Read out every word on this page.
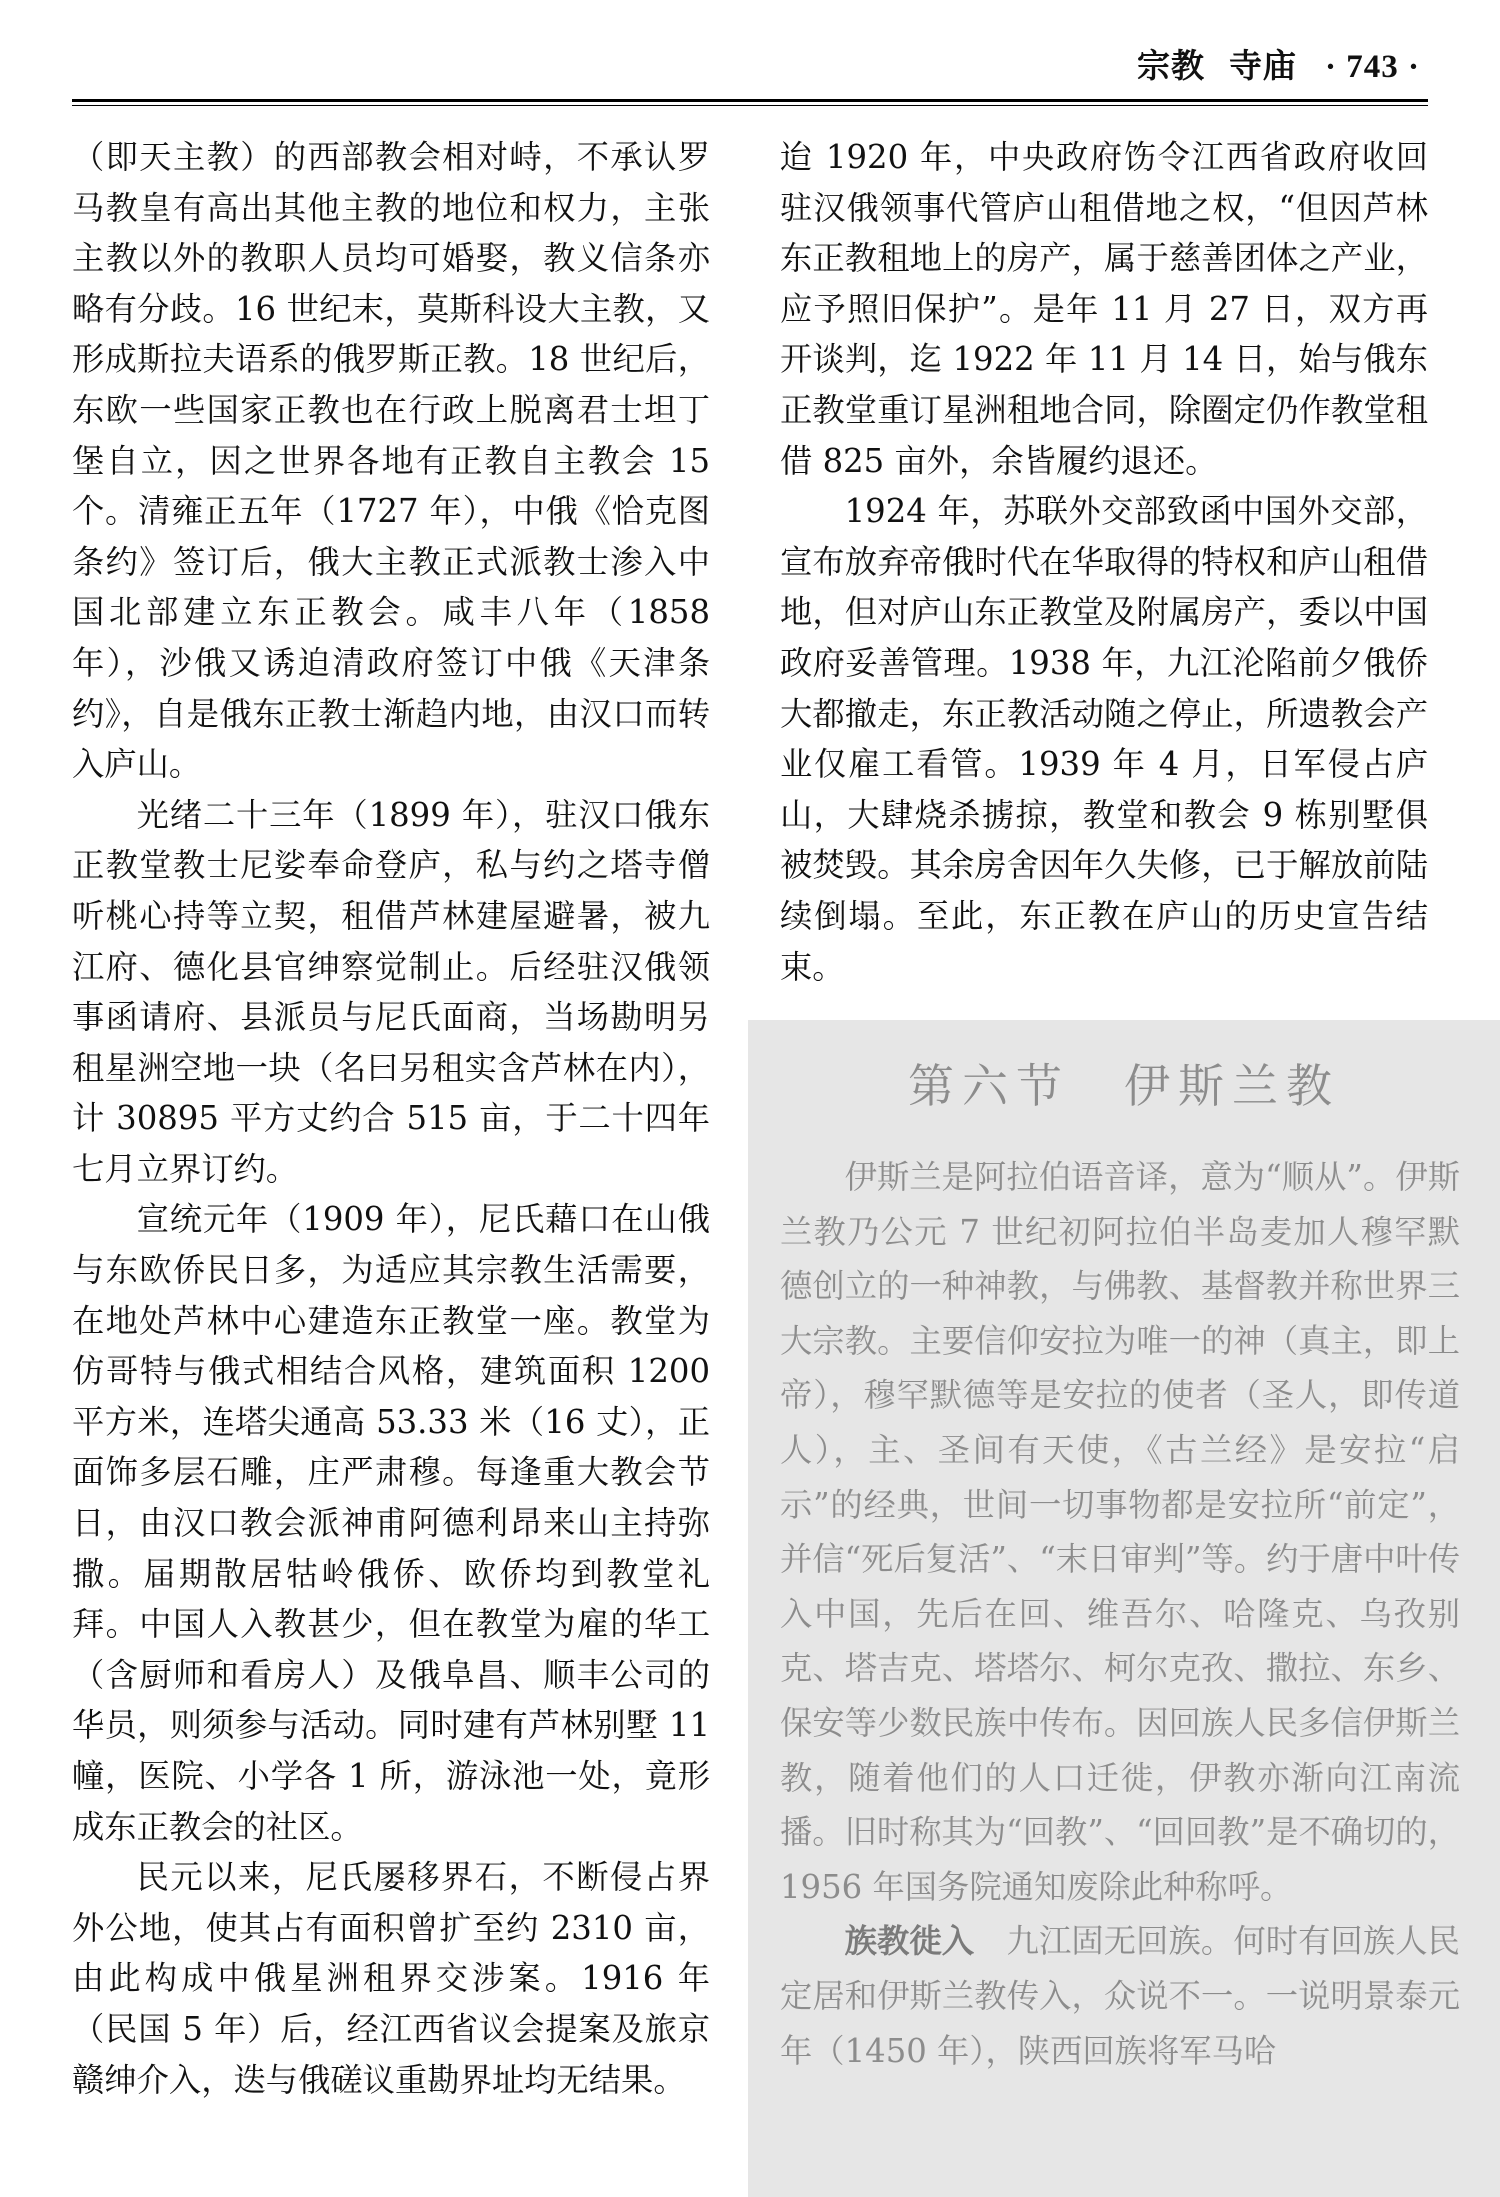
宗教 寺庙 · 743 ·

（即天主教）的西部教会相对峙，不承认罗马教皇有高出其他主教的地位和权力，主张主教以外的教职人员均可婚娶，教义信条亦略有分歧。16 世纪末，莫斯科设大主教，又形成斯拉夫语系的俄罗斯正教。18 世纪后，东欧一些国家正教也在行政上脱离君士坦丁堡自立，因之世界各地有正教自主教会 15 个。清雍正五年（1727 年），中俄《恰克图条约》签订后，俄大主教正式派教士渗入中国北部建立东正教会。咸丰八年（1858 年），沙俄又诱迫清政府签订中俄《天津条约》，自是俄东正教士渐趋内地，由汉口而转入庐山。

光绪二十三年（1899 年），驻汉口俄东正教堂教士尼娑奉命登庐，私与约之塔寺僧听桃心持等立契，租借芦林建屋避暑，被九江府、德化县官绅察觉制止。后经驻汉俄领事函请府、县派员与尼氏面商，当场勘明另租星洲空地一块（名曰另租实含芦林在内），计 30895 平方丈约合 515 亩，于二十四年七月立界订约。

宣统元年（1909 年），尼氏藉口在山俄与东欧侨民日多，为适应其宗教生活需要，在地处芦林中心建造东正教堂一座。教堂为仿哥特与俄式相结合风格，建筑面积 1200 平方米，连塔尖通高 53.33 米（16 丈），正面饰多层石雕，庄严肃穆。每逢重大教会节日，由汉口教会派神甫阿德利昂来山主持弥撒。届期散居牯岭俄侨、欧侨均到教堂礼拜。中国人入教甚少，但在教堂为雇的华工（含厨师和看房人）及俄阜昌、顺丰公司的华员，则须参与活动。同时建有芦林别墅 11 幢，医院、小学各 1 所，游泳池一处，竟形成东正教会的社区。

民元以来，尼氏屡移界石，不断侵占界外公地，使其占有面积曾扩至约 2310 亩，由此构成中俄星洲租界交涉案。1916 年（民国 5 年）后，经江西省议会提案及旅京赣绅介入，迭与俄磋议重勘界址均无结果。

迨 1920 年，中央政府饬令江西省政府收回驻汉俄领事代管庐山租借地之权，“但因芦林东正教租地上的房产，属于慈善团体之产业，应予照旧保护”。是年 11 月 27 日，双方再开谈判，迄 1922 年 11 月 14 日，始与俄东正教堂重订星洲租地合同，除圈定仍作教堂租借 825 亩外，余皆履约退还。

1924 年，苏联外交部致函中国外交部，宣布放弃帝俄时代在华取得的特权和庐山租借地，但对庐山东正教堂及附属房产，委以中国政府妥善管理。1938 年，九江沦陷前夕俄侨大都撤走，东正教活动随之停止，所遗教会产业仅雇工看管。1939 年 4 月，日军侵占庐山，大肆烧杀掳掠，教堂和教会 9 栋别墅俱被焚毁。其余房舍因年久失修，已于解放前陆续倒塌。至此，东正教在庐山的历史宣告结束。

第六节　伊斯兰教

伊斯兰是阿拉伯语音译，意为“顺从”。伊斯兰教乃公元 7 世纪初阿拉伯半岛麦加人穆罕默德创立的一种神教，与佛教、基督教并称世界三大宗教。主要信仰安拉为唯一的神（真主，即上帝），穆罕默德等是安拉的使者（圣人，即传道人），主、圣间有天使，《古兰经》是安拉“启示”的经典，世间一切事物都是安拉所“前定”，并信“死后复活”、“末日审判”等。约于唐中叶传入中国，先后在回、维吾尔、哈隆克、乌孜别克、塔吉克、塔塔尔、柯尔克孜、撒拉、东乡、保安等少数民族中传布。因回族人民多信伊斯兰教，随着他们的人口迁徙，伊教亦渐向江南流播。旧时称其为“回教”、“回回教”是不确切的，1956 年国务院通知废除此种称呼。

族教徙入　 九江固无回族。何时有回族人民定居和伊斯兰教传入，众说不一。一说明景泰元年（1450 年），陕西回族将军马哈
